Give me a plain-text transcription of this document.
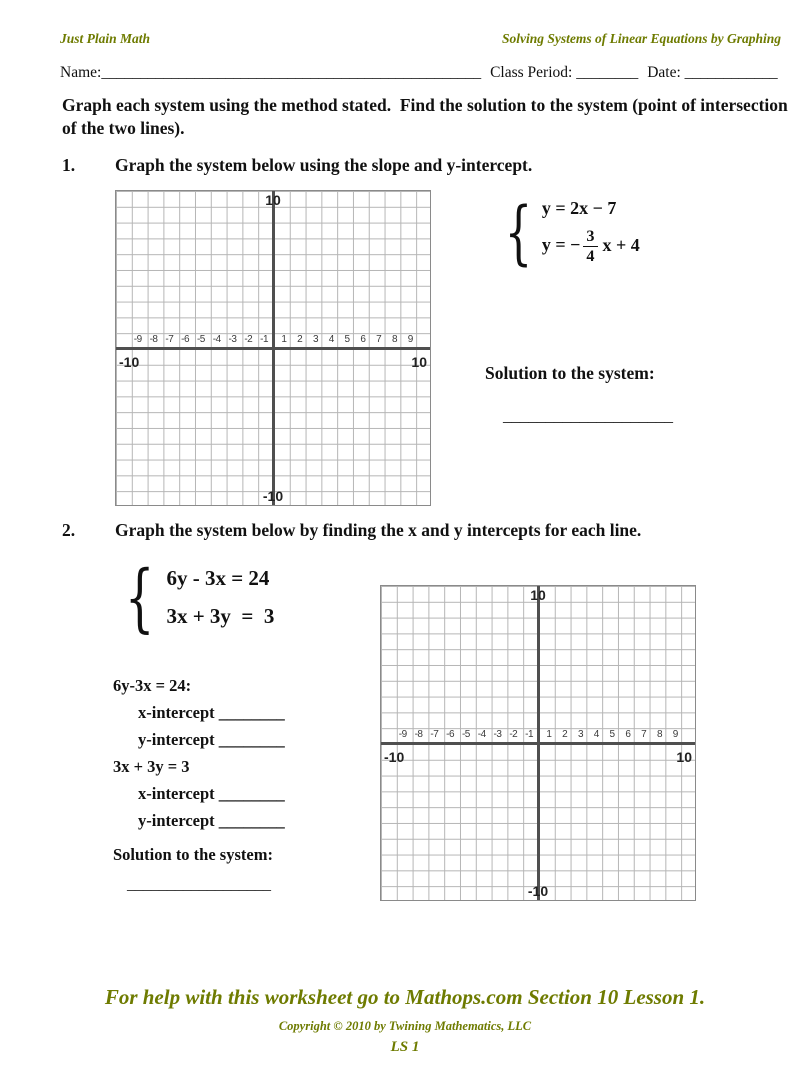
Just Plain Math	Solving Systems of Linear Equations by Graphing
Name:_________________________________________________ Class Period: ________ Date: ____________
Graph each system using the method stated.  Find the solution to the system (point of intersection of the two lines).
1. Graph the system below using the slope and y-intercept.
10
-10
-10	10
-9 -8 -7 -6 -5 -4 -3 -2 -1	1	2	3	4	5	6	7	8	9
{ y = 2x − 7
y = − $\frac{3}{4}$ x + 4
Solution to the system:
____________________
2. Graph the system below by finding the x and y intercepts for each line.
{ 6y - 3x = 24
3x + 3y  =  3
6y-3x = 24:
x-intercept ________
y-intercept ________
3x + 3y = 3
x-intercept ________
y-intercept ________
Solution to the system:
__________________
10
-10
-10	10
-9 -8 -7 -6 -5 -4 -3 -2 -1	1	2	3	4	5	6	7	8	9
For help with this worksheet go to Mathops.com Section 10 Lesson 1.
Copyright © 2010 by Twining Mathematics, LLC
LS 1
